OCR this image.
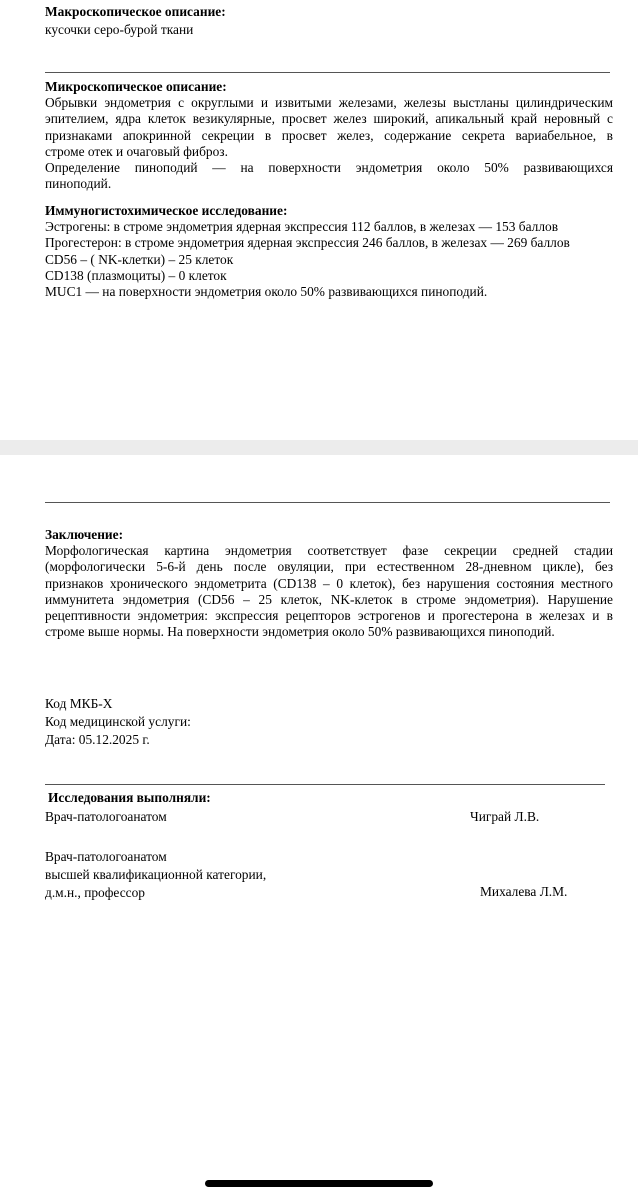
Макроскопическое описание:
кусочки серо-бурой ткани
Микроскопическое описание:
Обрывки эндометрия с округлыми и извитыми железами, железы выстланы цилиндрическим
эпителием, ядра клеток везикулярные, просвет желез широкий, апикальный край неровный с
признаками апокринной секреции в просвет желез, содержание секрета вариабельное, в
строме отек и очаговый фиброз.
Определение пиноподий — на поверхности эндометрия около 50% развивающихся
пиноподий.
Иммуногистохимическое исследование:
Эстрогены: в строме эндометрия ядерная экспрессия 112 баллов, в железах — 153 баллов
Прогестерон: в строме эндометрия ядерная экспрессия 246 баллов, в железах — 269 баллов
CD56 – ( NK-клетки) – 25 клеток
CD138 (плазмоциты) – 0 клеток
MUC1 — на поверхности эндометрия около 50% развивающихся пиноподий.
Заключение:
Морфологическая картина эндометрия соответствует фазе секреции средней стадии
(морфологически 5-6-й день после овуляции, при естественном 28-дневном цикле), без
признаков хронического эндометрита (CD138 – 0 клеток), без нарушения состояния местного
иммунитета эндометрия (CD56 – 25 клеток, NK-клеток в строме эндометрия). Нарушение
рецептивности эндометрия: экспрессия рецепторов эстрогенов и прогестерона в железах и в
строме выше нормы. На поверхности эндометрия около 50% развивающихся пиноподий.
Код МКБ-Х
Код медицинской услуги:
Дата: 05.12.2025 г.
Исследования выполняли:
Врач-патологоанатом	Чиграй Л.В.
Врач-патологоанатом
высшей квалификационной категории,
д.м.н., профессор	Михалева Л.М.
